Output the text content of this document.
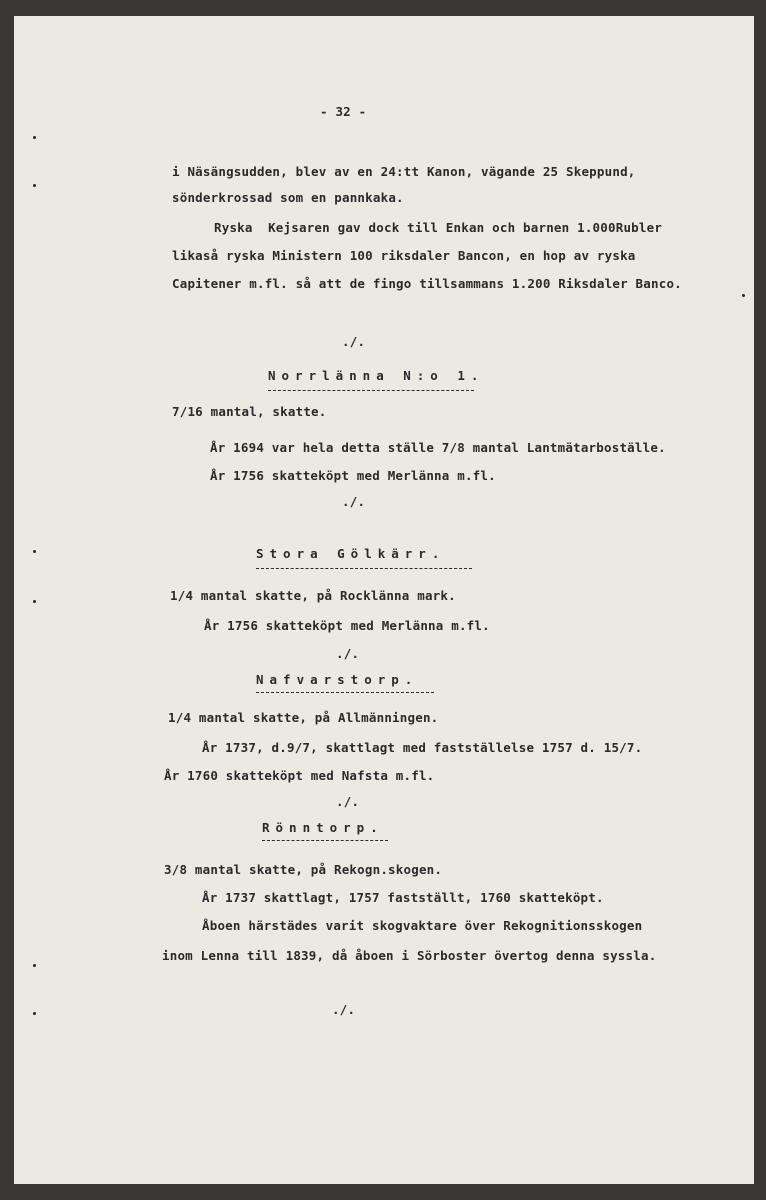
- 32 -
i Näsängsudden, blev av en 24:tt Kanon, vägande 25 Skeppund,
sönderkrossad som en pannkaka.
Ryska  Kejsaren gav dock till Enkan och barnen 1.000Rubler
likaså ryska Ministern 100 riksdaler Bancon, en hop av ryska
Capitener m.fl. så att de fingo tillsammans 1.200 Riksdaler Banco.
./.
Norrlänna N:o 1.
7/16 mantal, skatte.
År 1694 var hela detta ställe 7/8 mantal Lantmätarboställe.
År 1756 skatteköpt med Merlänna m.fl.
./.
Stora Gölkärr.
1/4 mantal skatte, på Rocklänna mark.
År 1756 skatteköpt med Merlänna m.fl.
./.
Nafvarstorp.
1/4 mantal skatte, på Allmänningen.
År 1737, d.9/7, skattlagt med fastställelse 1757 d. 15/7.
År 1760 skatteköpt med Nafsta m.fl.
./.
Rönntorp.
3/8 mantal skatte, på Rekogn.skogen.
År 1737 skattlagt, 1757 fastställt, 1760 skatteköpt.
Åboen härstädes varit skogvaktare över Rekognitionsskogen
inom Lenna till 1839, då åboen i Sörboster övertog denna syssla.
./.
